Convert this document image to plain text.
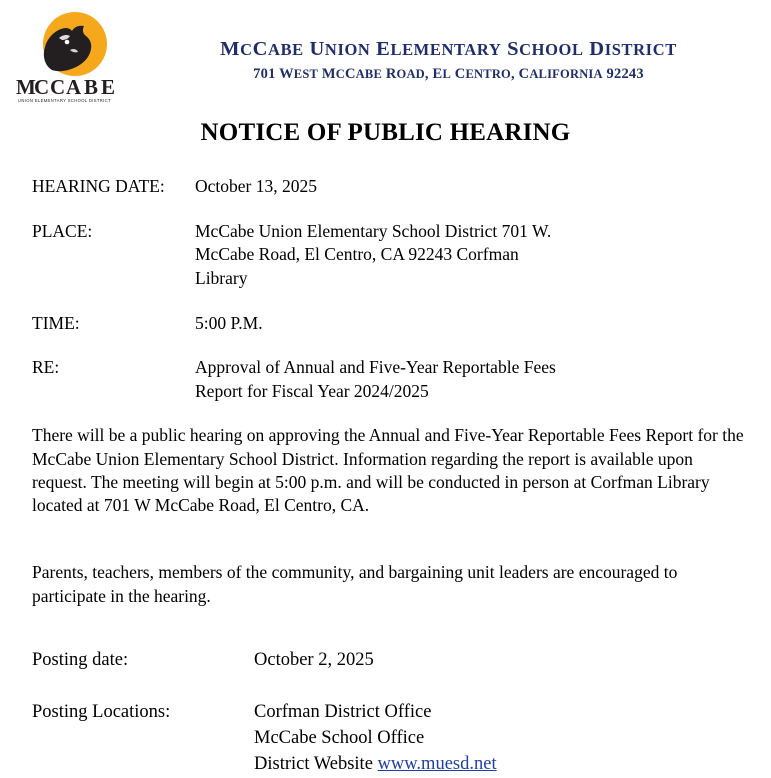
M
C C A B E
UNION ELEMENTARY SCHOOL DISTRICT
MCCABE UNION ELEMENTARY SCHOOL DISTRICT
701 WEST MCCABE ROAD, EL CENTRO, CALIFORNIA 92243
NOTICE OF PUBLIC HEARING
HEARING DATE:	October 13, 2025
PLACE:	McCabe Union Elementary School District 701 W.
McCabe Road, El Centro, CA 92243 Corfman
Library
TIME:	5:00 P.M.
RE:	Approval of Annual and Five-Year Reportable Fees
Report for Fiscal Year 2024/2025
There will be a public hearing on approving the Annual and Five-Year Reportable Fees Report for the McCabe Union Elementary School District. Information regarding the report is available upon request. The meeting will begin at 5:00 p.m. and will be conducted in person at Corfman Library located at 701 W McCabe Road, El Centro, CA.
Parents, teachers, members of the community, and bargaining unit leaders are encouraged to participate in the hearing.
Posting date:	October 2, 2025
Posting Locations:	Corfman District Office
McCabe School Office
District Website www.muesd.net
